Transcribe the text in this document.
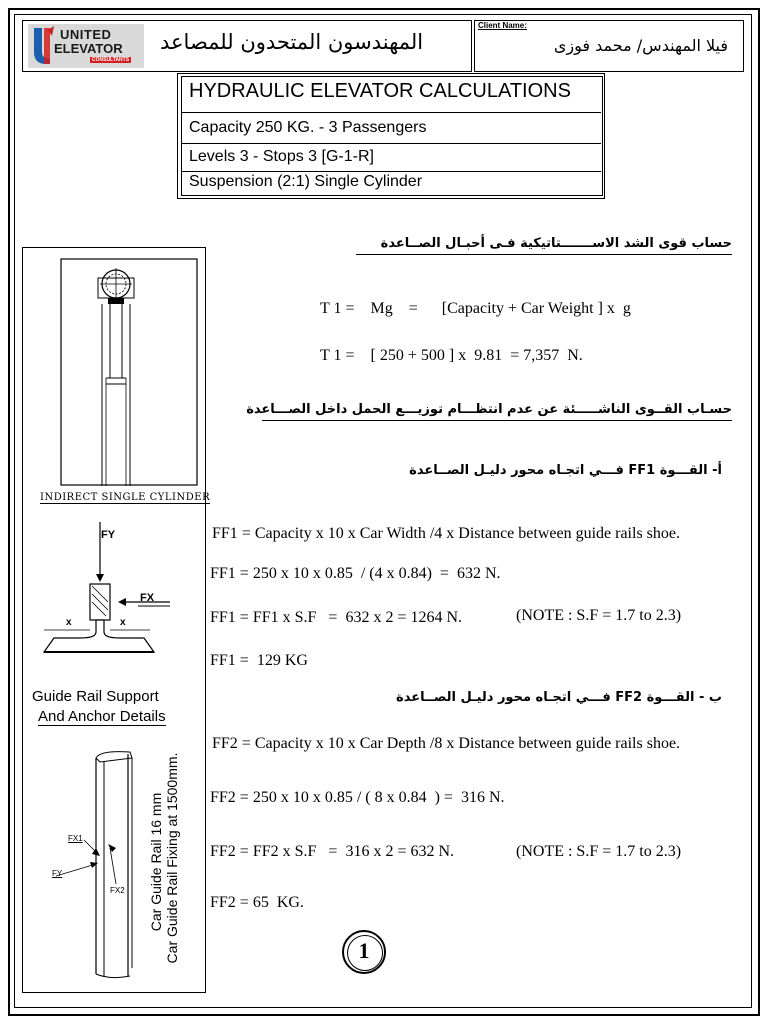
UNITED
ELEVATOR
CONSULTANTS
المهندسون المتحدون للمصاعد
Client Name:
فيلا المهندس/ محمد فوزى
HYDRAULIC ELEVATOR CALCULATIONS
Capacity 250 KG. - 3 Passengers
Levels 3 - Stops 3 [G-1-R]
Suspension (2:1) Single Cylinder
INDIRECT SINGLE CYLINDER
FY
FX
x	x
Guide Rail Support
And Anchor Details
FX1
FY
FX2 Car Guide Rail 16 mm Car Guide Rail Fixing at 1500mm.
حساب قوى الشد الاســـــــتاتيكية فـى أحبـال الصــاعدة
T 1 =    Mg    =      [Capacity + Car Weight ] x  g
T 1 =    [ 250 + 500 ] x  9.81  = 7,357  N.
حسـاب القــوى الناشـــــئة عن عدم انتظـــام توزيـــع الحمل داخل الصـــاعدة
أ- القـــوة FF1 فـــي اتجـاه محور دليـل الصــاعدة
FF1 = Capacity x 10 x Car Width /4 x Distance between guide rails shoe.
FF1 = 250 x 10 x 0.85  / (4 x 0.84)  =  632 N.
FF1 = FF1 x S.F   =  632 x 2 = 1264 N.	(NOTE : S.F = 1.7 to 2.3)
FF1 =  129 KG
ب - القـــوة FF2 فـــي اتجـاه محور دليـل الصــاعدة
FF2 = Capacity x 10 x Car Depth /8 x Distance between guide rails shoe.
FF2 = 250 x 10 x 0.85 / ( 8 x 0.84  ) =  316 N.
FF2 = FF2 x S.F   =  316 x 2 = 632 N.	(NOTE : S.F = 1.7 to 2.3)
FF2 = 65  KG.
1
